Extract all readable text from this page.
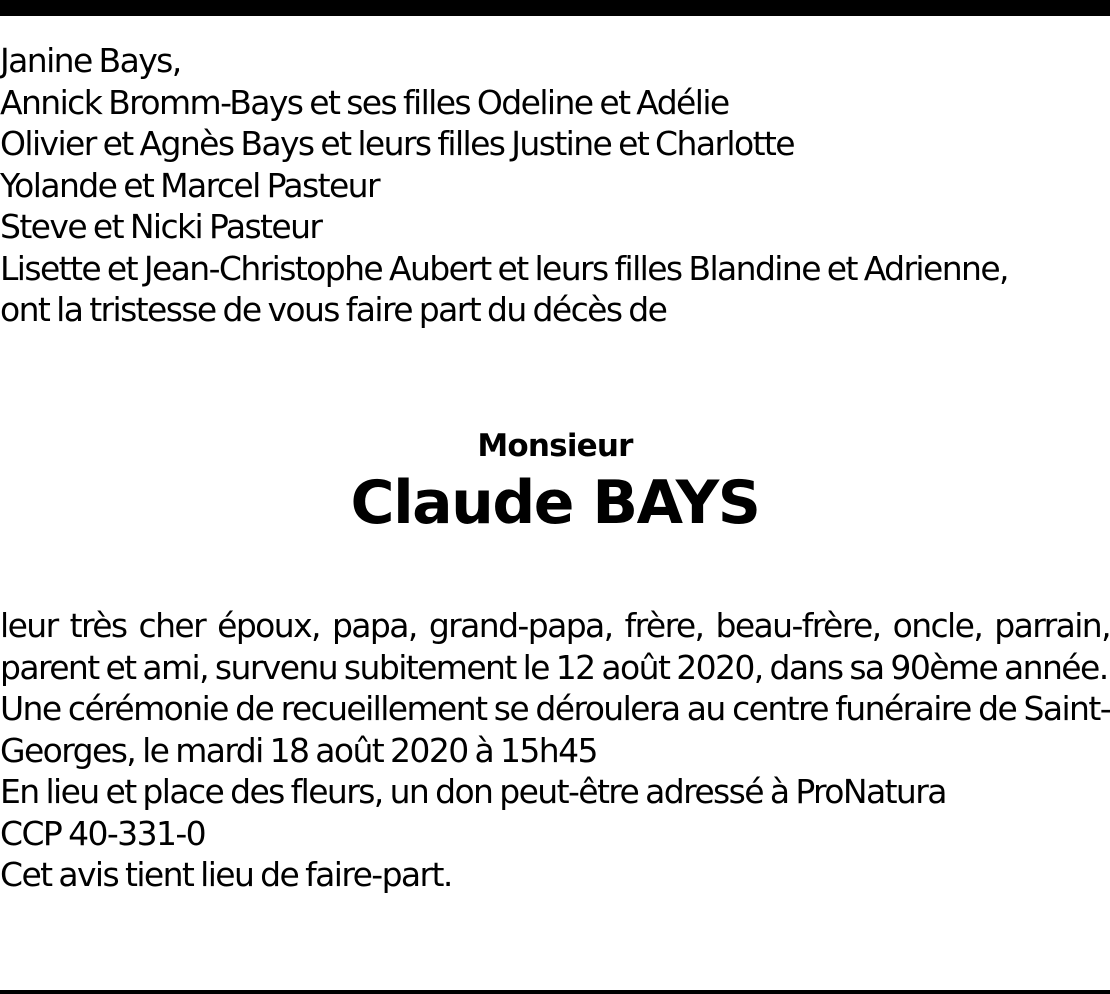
Janine Bays,
Annick Bromm-Bays et ses filles Odeline et Adélie
Olivier et Agnès Bays et leurs filles Justine et Charlotte
Yolande et Marcel Pasteur
Steve et Nicki Pasteur
Lisette et Jean-Christophe Aubert et leurs filles Blandine et Adrienne,
ont la tristesse de vous faire part du décès de
Monsieur
Claude BAYS
leur très cher époux, papa, grand-papa, frère, beau-frère, oncle, parrain, parent et ami, survenu subitement le 12 août 2020, dans sa 90ème année.
Une cérémonie de recueillement se déroulera au centre funéraire de Saint-Georges, le mardi 18 août 2020 à 15h45
En lieu et place des fleurs, un don peut-être adressé à ProNatura
CCP 40-331-0
Cet avis tient lieu de faire-part.
